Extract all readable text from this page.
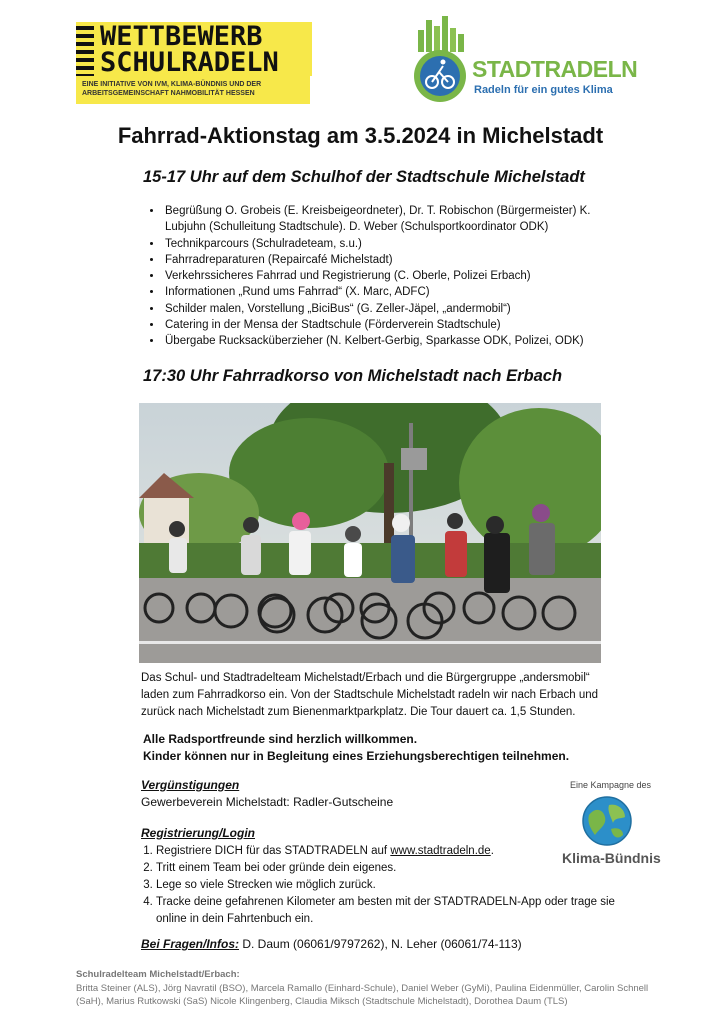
WETTBEWERB
SCHULRADELN
EINE INITIATIVE VON IVM, KLIMA-BÜNDNIS UND DER ARBEITSGEMEINSCHAFT NAHMOBILITÄT HESSEN
STADTRADELN
Radeln für ein gutes Klima
Fahrrad-Aktionstag am 3.5.2024 in Michelstadt

15-17 Uhr auf dem Schulhof der Stadtschule Michelstadt

• Begrüßung O. Grobeis (E. Kreisbeigeordneter), Dr. T. Robischon (Bürgermeister) K. Lubjuhn (Schulleitung Stadtschule). D. Weber (Schulsportkoordinator ODK)
• Technikparcours (Schulradeteam, s.u.)
• Fahrradreparaturen (Repaircafé Michelstadt)
• Verkehrssicheres Fahrrad und Registrierung (C. Oberle, Polizei Erbach)
• Informationen „Rund ums Fahrrad“ (X. Marc, ADFC)
• Schilder malen, Vorstellung „BiciBus“ (G. Zeller-Jäpel, „andermobil“)
• Catering in der Mensa der Stadtschule (Förderverein Stadtschule)
• Übergabe Rucksacküberzieher (N. Kelbert-Gerbig, Sparkasse ODK, Polizei, ODK)

17:30 Uhr Fahrradkorso von Michelstadt nach Erbach

Das Schul- und Stadtradelteam Michelstadt/Erbach und die Bürgergruppe „andersmobil“ laden zum Fahrradkorso ein. Von der Stadtschule Michelstadt radeln wir nach Erbach und zurück nach Michelstadt zum Bienenmarktparkplatz. Die Tour dauert ca. 1,5 Stunden.

Alle Radsportfreunde sind herzlich willkommen.
Kinder können nur in Begleitung eines Erziehungsberechtigen teilnehmen.

Vergünstigungen

Gewerbeverein Michelstadt: Radler-Gutscheine

Registrierung/Login

1. Registriere DICH für das STADTRADELN auf www.stadtradeln.de.
2. Tritt einem Team bei oder gründe dein eigenes.
3. Lege so viele Strecken wie möglich zurück.
4. Tracke deine gefahrenen Kilometer am besten mit der STADTRADELN-App oder trage sie online in dein Fahrtenbuch ein.

Bei Fragen/Infos: D. Daum (06061/9797262), N. Leher (06061/74-113)

Eine Kampagne des
Klima-Bündnis
Schulradelteam Michelstadt/Erbach:
Britta Steiner (ALS), Jörg Navratil (BSO), Marcela Ramallo (Einhard-Schule), Daniel Weber (GyMi), Paulina Eidenmüller, Carolin Schnell (SaH), Marius Rutkowski (SaS) Nicole Klingenberg, Claudia Miksch (Stadtschule Michelstadt), Dorothea Daum (TLS)
